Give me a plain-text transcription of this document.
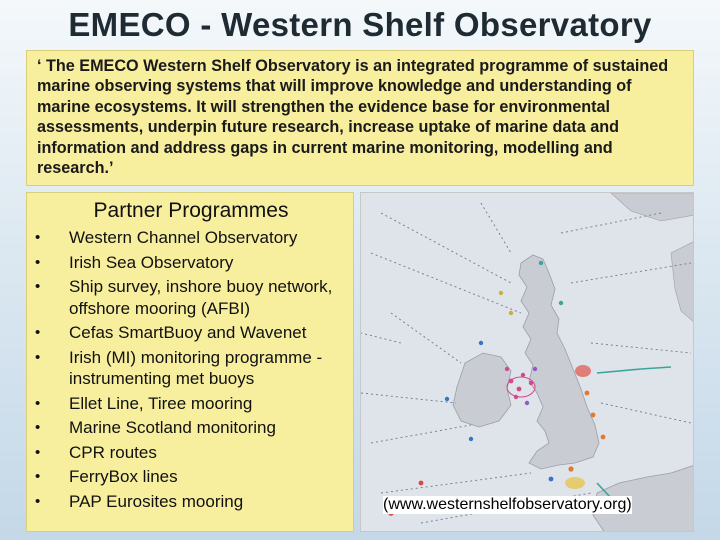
EMECO - Western Shelf Observatory
‘ The EMECO Western Shelf Observatory is an integrated programme of sustained marine observing systems that will improve knowledge and understanding of marine ecosystems. It will strengthen the evidence base for environmental assessments, underpin future research, increase uptake of marine data and information and address gaps in current marine monitoring, modelling and research.’
Partner Programmes
• Western Channel Observatory
• Irish Sea Observatory
• Ship survey, inshore buoy network, offshore mooring (AFBI)
• Cefas SmartBuoy and Wavenet
• Irish (MI) monitoring programme - instrumenting met buoys
• Ellet Line, Tiree mooring
• Marine Scotland monitoring
• CPR routes
• FerryBox lines
• PAP Eurosites mooring	(www.westernshelfobservatory.org)
